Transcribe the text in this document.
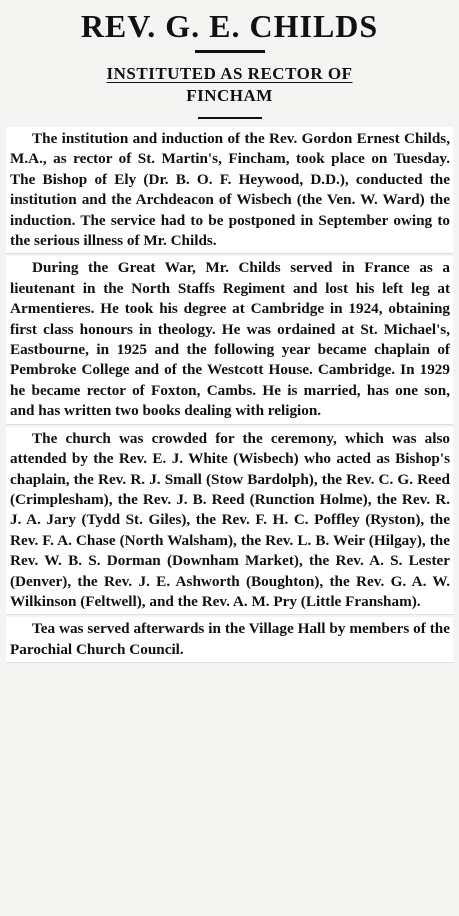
REV. G. E. CHILDS
INSTITUTED AS RECTOR OF
FINCHAM

The institution and induction of the Rev. Gordon Ernest Childs, M.A., as rector of St. Martin's, Fincham, took place on Tuesday. The Bishop of Ely (Dr. B. O. F. Heywood, D.D.), conducted the institution and the Archdeacon of Wisbech (the Ven. W. Ward) the induction. The service had to be postponed in September owing to the serious illness of Mr. Childs.

During the Great War, Mr. Childs served in France as a lieutenant in the North Staffs Regiment and lost his left leg at Armentieres. He took his degree at Cambridge in 1924, obtaining first class honours in theology. He was ordained at St. Michael's, Eastbourne, in 1925 and the following year became chaplain of Pembroke College and of the Westcott House. Cambridge. In 1929 he became rector of Foxton, Cambs. He is married, has one son, and has written two books dealing with religion.

The church was crowded for the ceremony, which was also attended by the Rev. E. J. White (Wisbech) who acted as Bishop's chaplain, the Rev. R. J. Small (Stow Bardolph), the Rev. C. G. Reed (Crimplesham), the Rev. J. B. Reed (Runction Holme), the Rev. R. J. A. Jary (Tydd St. Giles), the Rev. F. H. C. Poffley (Ryston), the Rev. F. A. Chase (North Walsham), the Rev. L. B. Weir (Hilgay), the Rev. W. B. S. Dorman (Downham Market), the Rev. A. S. Lester (Denver), the Rev. J. E. Ashworth (Boughton), the Rev. G. A. W. Wilkinson (Feltwell), and the Rev. A. M. Pry (Little Fransham).

Tea was served afterwards in the Village Hall by members of the Parochial Church Council.
